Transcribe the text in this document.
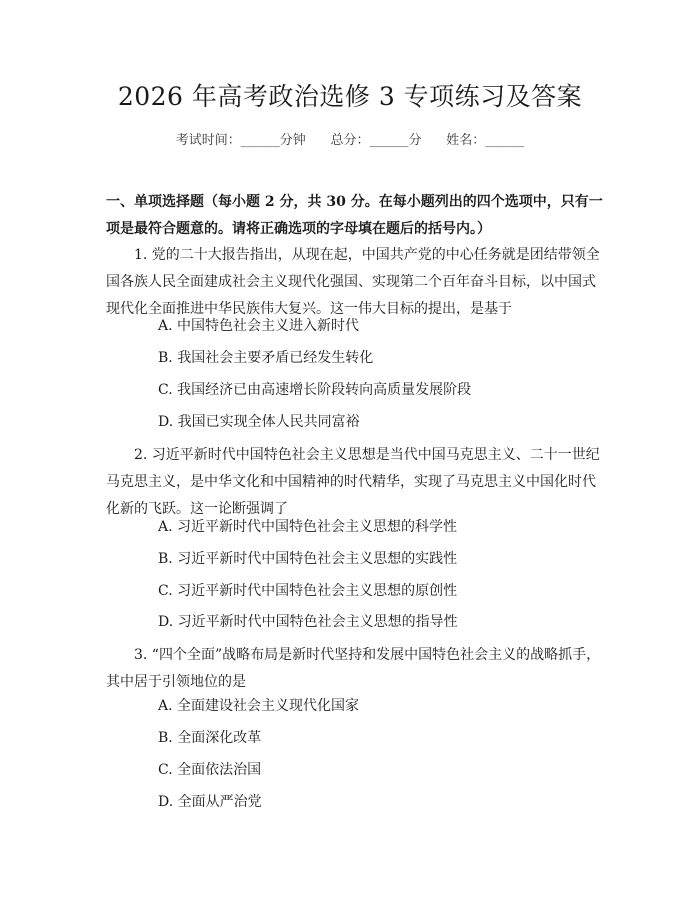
2026 年高考政治选修 3 专项练习及答案
考试时间：______分钟      总分：______分      姓名：______
一、单项选择题（每小题 2 分，共 30 分。在每小题列出的四个选项中，只有一项是最符合题意的。请将正确选项的字母填在题后的括号内。）
1. 党的二十大报告指出，从现在起，中国共产党的中心任务就是团结带领全国各族人民全面建成社会主义现代化强国、实现第二个百年奋斗目标，以中国式现代化全面推进中华民族伟大复兴。这一伟大目标的提出，是基于
A. 中国特色社会主义进入新时代
B. 我国社会主要矛盾已经发生转化
C. 我国经济已由高速增长阶段转向高质量发展阶段
D. 我国已实现全体人民共同富裕
2. 习近平新时代中国特色社会主义思想是当代中国马克思主义、二十一世纪马克思主义，是中华文化和中国精神的时代精华，实现了马克思主义中国化时代化新的飞跃。这一论断强调了
A. 习近平新时代中国特色社会主义思想的科学性
B. 习近平新时代中国特色社会主义思想的实践性
C. 习近平新时代中国特色社会主义思想的原创性
D. 习近平新时代中国特色社会主义思想的指导性
3. “四个全面”战略布局是新时代坚持和发展中国特色社会主义的战略抓手，其中居于引领地位的是
A. 全面建设社会主义现代化国家
B. 全面深化改革
C. 全面依法治国
D. 全面从严治党
